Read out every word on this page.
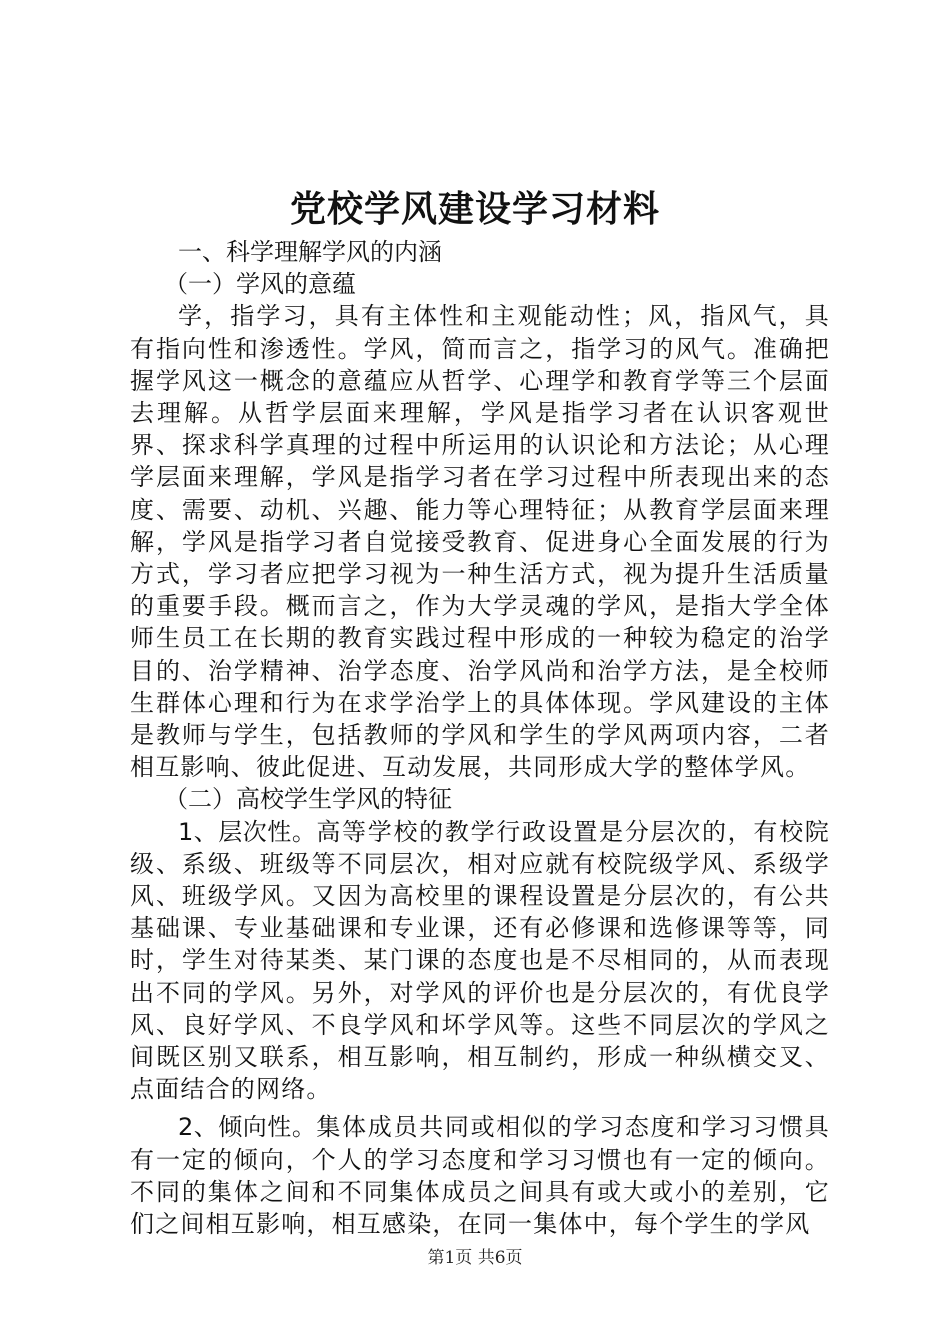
党校学风建设学习材料
一、科学理解学风的内涵
（一）学风的意蕴

学，指学习，具有主体性和主观能动性；风，指风气，具有指向性和渗透性。学风，简而言之，指学习的风气。准确把握学风这一概念的意蕴应从哲学、心理学和教育学等三个层面去理解。从哲学层面来理解，学风是指学习者在认识客观世界、探求科学真理的过程中所运用的认识论和方法论；从心理学层面来理解，学风是指学习者在学习过程中所表现出来的态度、需要、动机、兴趣、能力等心理特征；从教育学层面来理解，学风是指学习者自觉接受教育、促进身心全面发展的行为方式，学习者应把学习视为一种生活方式，视为提升生活质量的重要手段。概而言之，作为大学灵魂的学风，是指大学全体师生员工在长期的教育实践过程中形成的一种较为稳定的治学目的、治学精神、治学态度、治学风尚和治学方法，是全校师生群体心理和行为在求学治学上的具体体现。学风建设的主体是教师与学生，包括教师的学风和学生的学风两项内容，二者相互影响、彼此促进、互动发展，共同形成大学的整体学风。

（二）高校学生学风的特征

1、层次性。高等学校的教学行政设置是分层次的，有校院级、系级、班级等不同层次，相对应就有校院级学风、系级学风、班级学风。又因为高校里的课程设置是分层次的，有公共基础课、专业基础课和专业课，还有必修课和选修课等等，同时，学生对待某类、某门课的态度也是不尽相同的，从而表现出不同的学风。另外，对学风的评价也是分层次的，有优良学风、良好学风、不良学风和坏学风等。这些不同层次的学风之间既区别又联系，相互影响，相互制约，形成一种纵横交叉、点面结合的网络。

2、倾向性。集体成员共同或相似的学习态度和学习习惯具有一定的倾向，个人的学习态度和学习习惯也有一定的倾向。不同的集体之间和不同集体成员之间具有或大或小的差别，它们之间相互影响，相互感染，在同一集体中，每个学生的学风

第1页 共6页
